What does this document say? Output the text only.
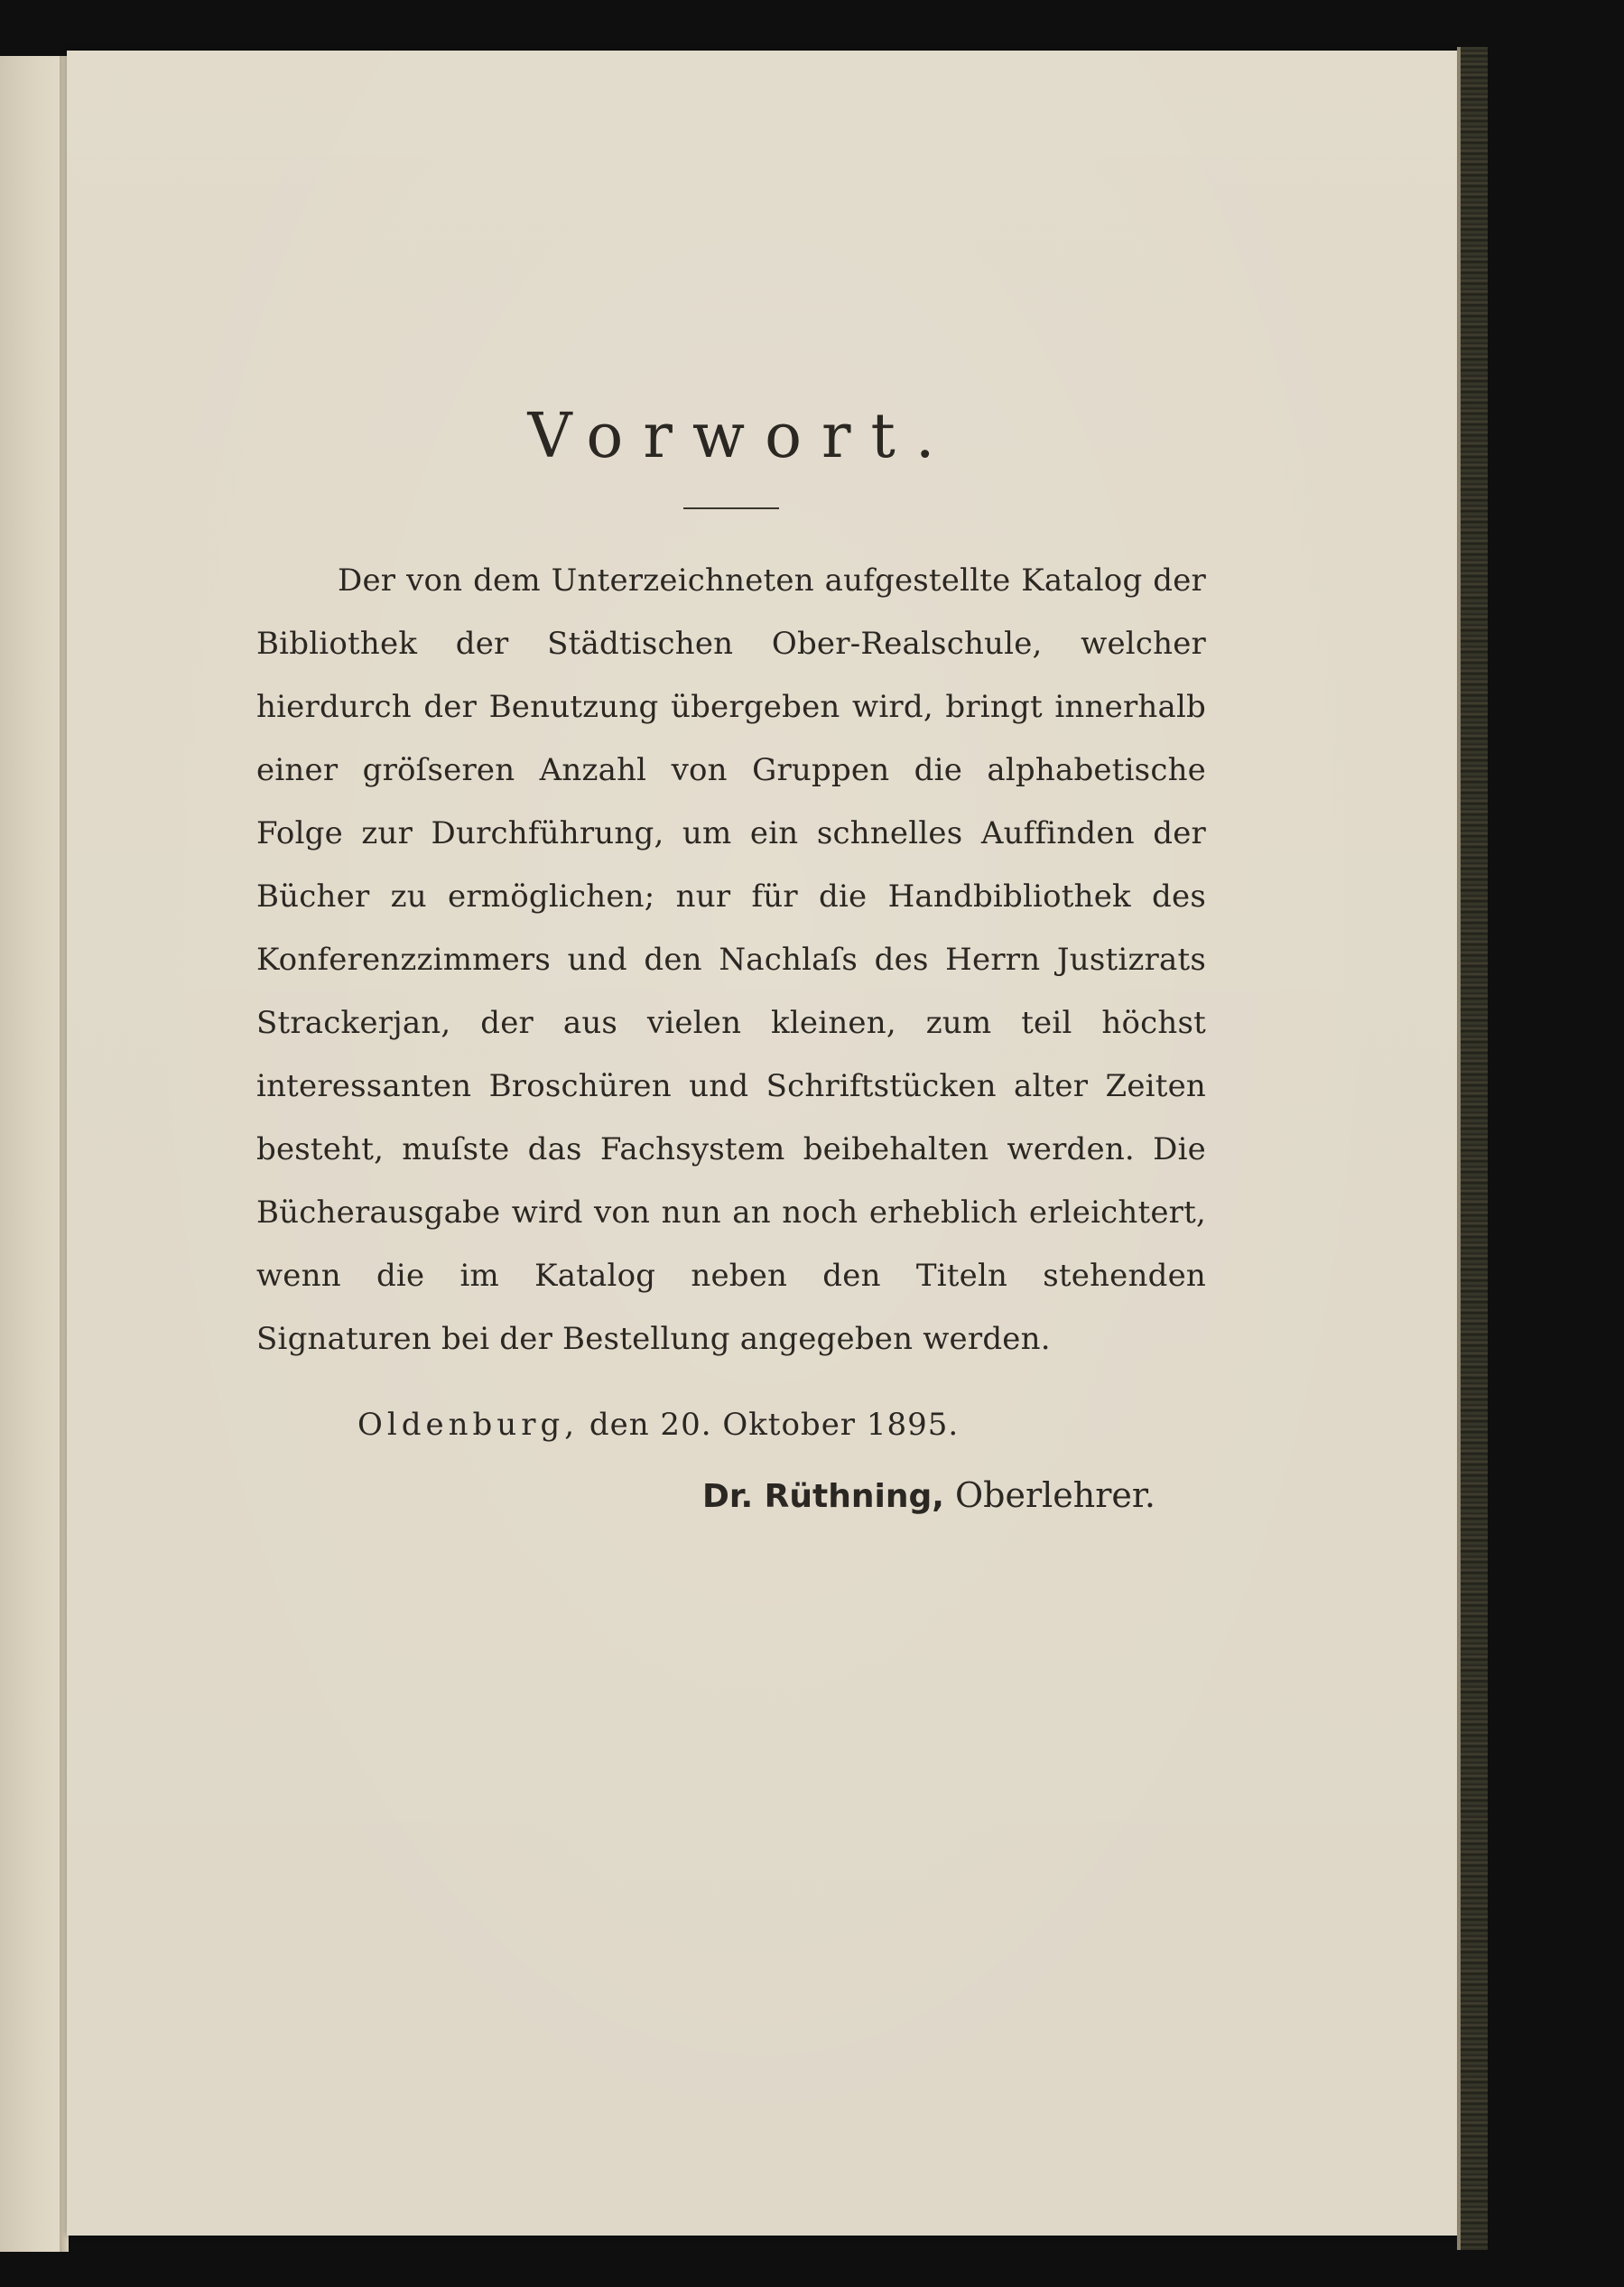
Vorwort.

Der von dem Unterzeichneten aufgestellte Katalog der Bibliothek der Städtischen Ober-Realschule, welcher hierdurch der Benutzung übergeben wird, bringt innerhalb einer gröſseren Anzahl von Gruppen die alphabetische Folge zur Durchführung, um ein schnelles Auffinden der Bücher zu ermöglichen; nur für die Handbibliothek des Konferenzzimmers und den Nachlaſs des Herrn Justizrats Strackerjan, der aus vielen kleinen, zum teil höchst interessanten Broschüren und Schriftstücken alter Zeiten besteht, muſste das Fachsystem beibehalten werden. Die Bücherausgabe wird von nun an noch erheblich erleichtert, wenn die im Katalog neben den Titeln stehenden Signaturen bei der Bestellung angegeben werden.

Oldenburg, den 20. Oktober 1895.
Dr. Rüthning, Oberlehrer.
